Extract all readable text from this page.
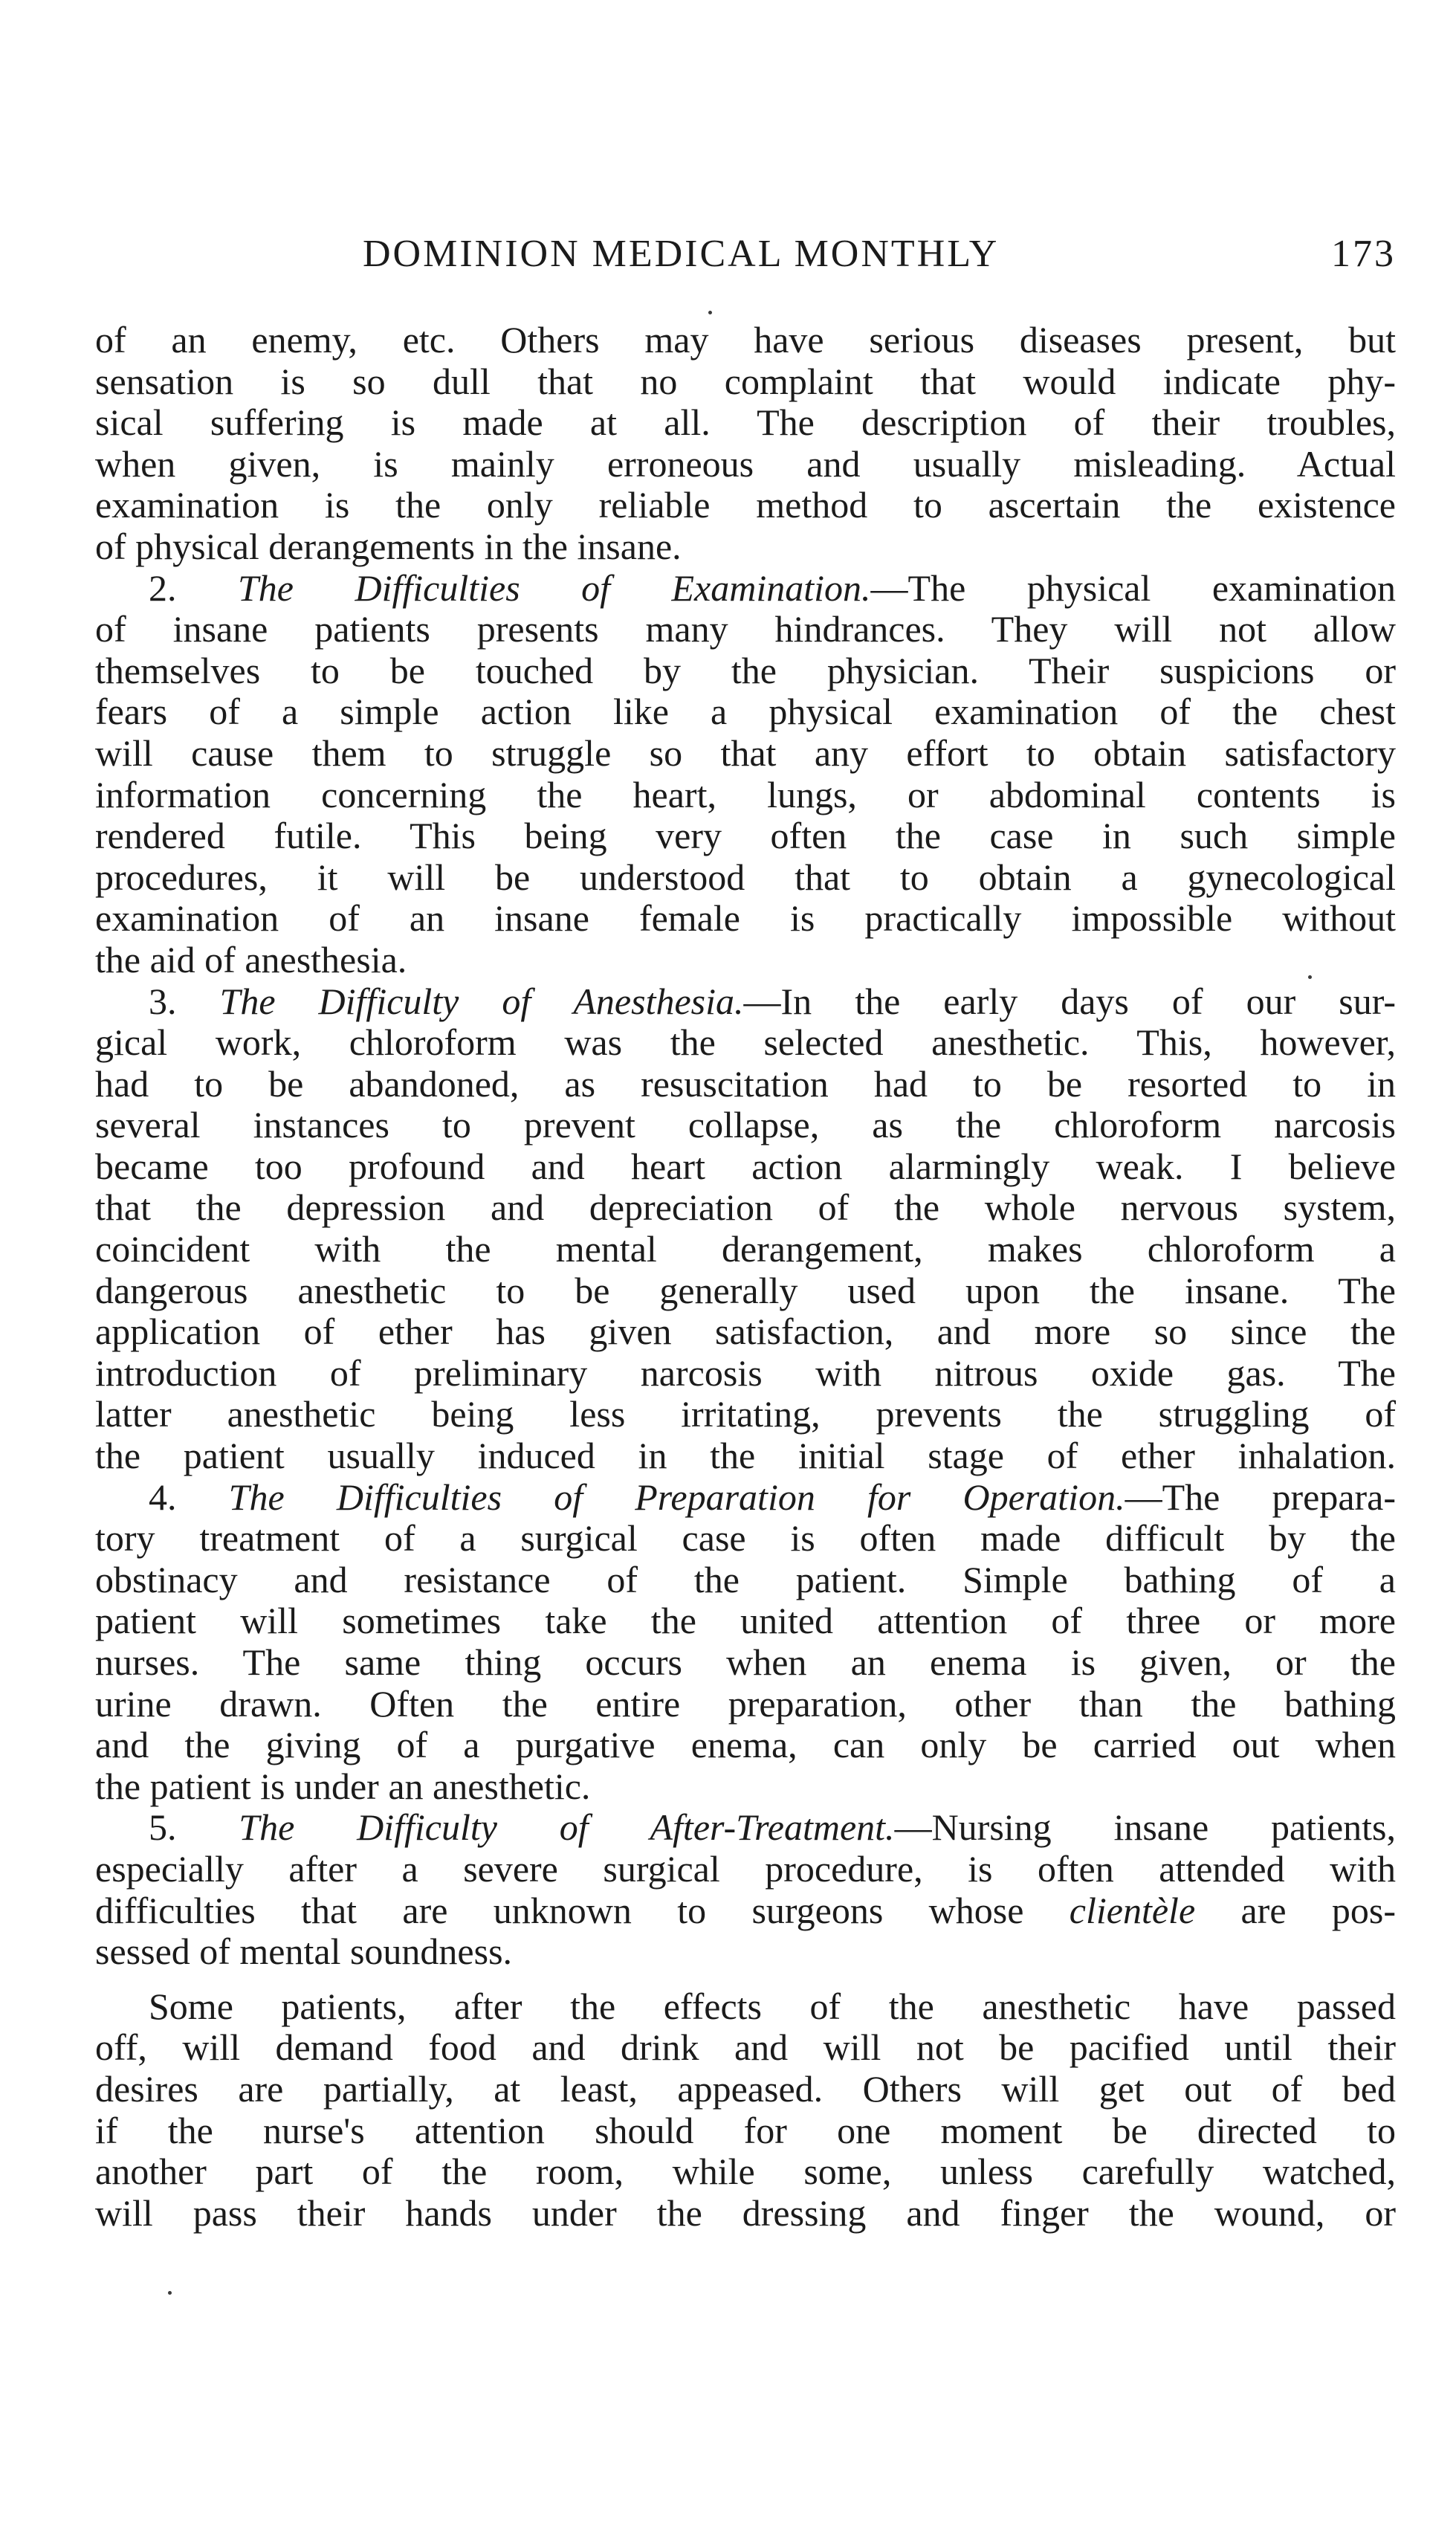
DOMINION MEDICAL MONTHLY	173
of an enemy, etc. Others may have serious diseases present, but
sensation is so dull that no complaint that would indicate phy-
sical suffering is made at all. The description of their troubles,
when given, is mainly erroneous and usually misleading. Actual
examination is the only reliable method to ascertain the existence
of physical derangements in the insane.
2. The Difficulties of Examination.—The physical examination
of insane patients presents many hindrances. They will not allow
themselves to be touched by the physician. Their suspicions or
fears of a simple action like a physical examination of the chest
will cause them to struggle so that any effort to obtain satisfactory
information concerning the heart, lungs, or abdominal contents is
rendered futile. This being very often the case in such simple
procedures, it will be understood that to obtain a gynecological
examination of an insane female is practically impossible without
the aid of anesthesia.
3. The Difficulty of Anesthesia.—In the early days of our sur-
gical work, chloroform was the selected anesthetic. This, however,
had to be abandoned, as resuscitation had to be resorted to in
several instances to prevent collapse, as the chloroform narcosis
became too profound and heart action alarmingly weak. I believe
that the depression and depreciation of the whole nervous system,
coincident with the mental derangement, makes chloroform a
dangerous anesthetic to be generally used upon the insane. The
application of ether has given satisfaction, and more so since the
introduction of preliminary narcosis with nitrous oxide gas. The
latter anesthetic being less irritating, prevents the struggling of
the patient usually induced in the initial stage of ether inhalation.
4. The Difficulties of Preparation for Operation.—The prepara-
tory treatment of a surgical case is often made difficult by the
obstinacy and resistance of the patient. Simple bathing of a
patient will sometimes take the united attention of three or more
nurses. The same thing occurs when an enema is given, or the
urine drawn. Often the entire preparation, other than the bathing
and the giving of a purgative enema, can only be carried out when
the patient is under an anesthetic.
5. The Difficulty of After-Treatment.—Nursing insane patients,
especially after a severe surgical procedure, is often attended with
difficulties that are unknown to surgeons whose clientèle are pos-
sessed of mental soundness.
Some patients, after the effects of the anesthetic have passed
off, will demand food and drink and will not be pacified until their
desires are partially, at least, appeased. Others will get out of bed
if the nurse's attention should for one moment be directed to
another part of the room, while some, unless carefully watched,
will pass their hands under the dressing and finger the wound, or
